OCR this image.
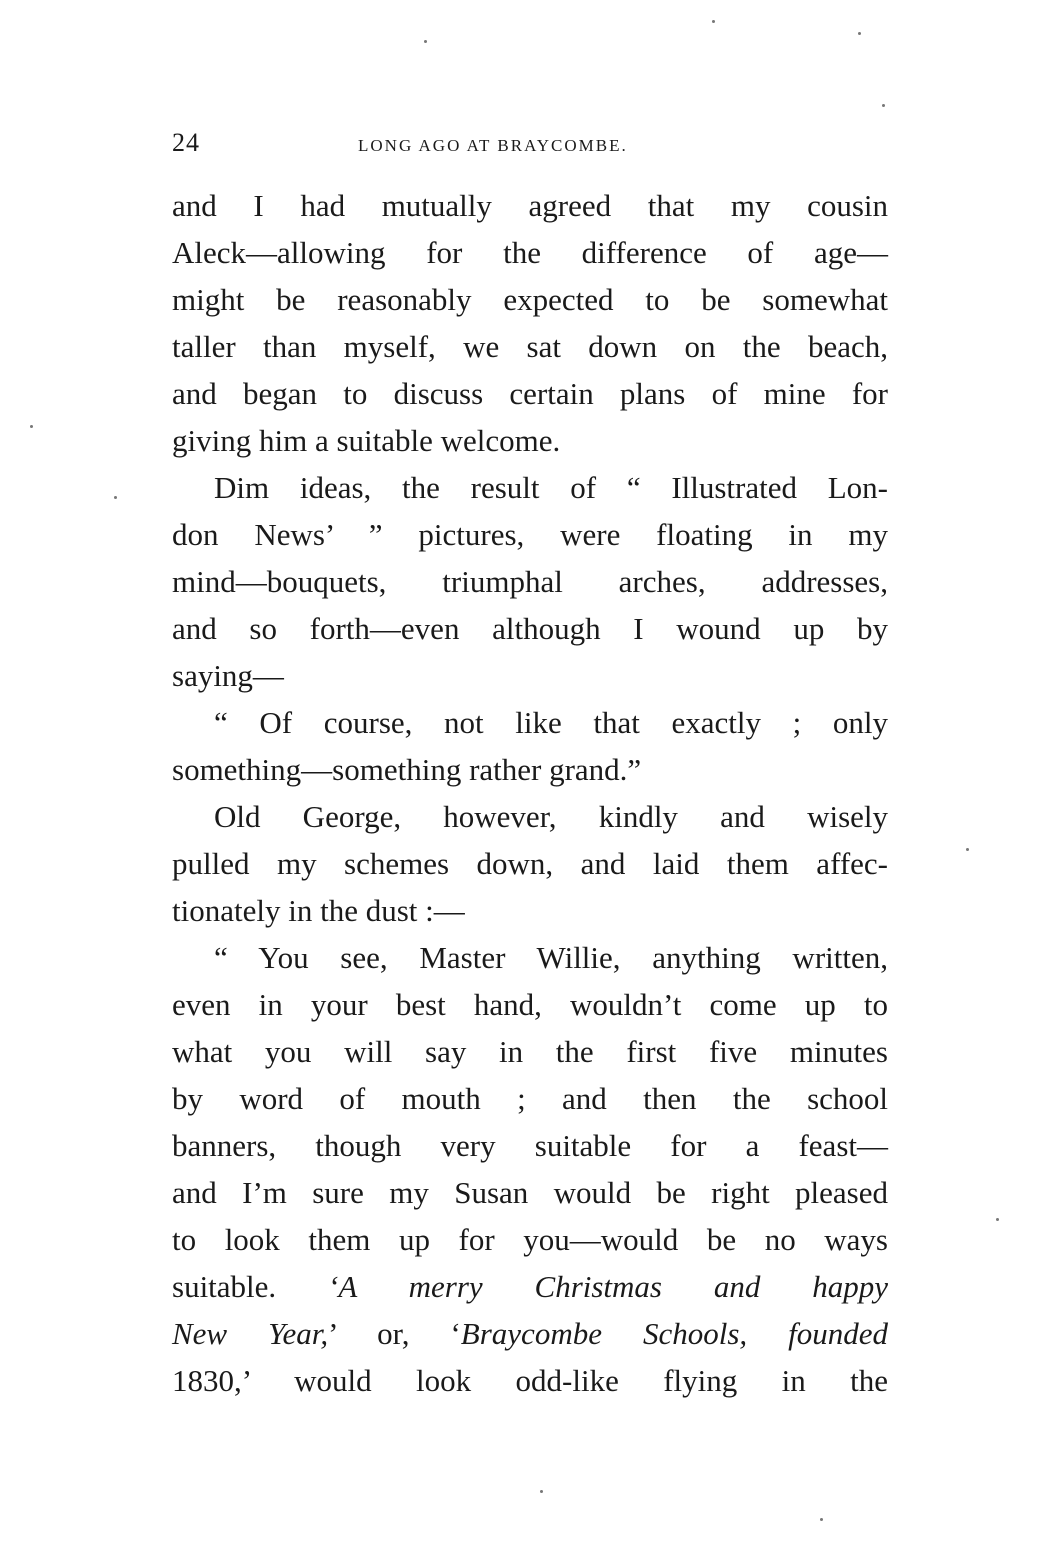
24	LONG AGO AT BRAYCOMBE.
and I had mutually agreed that my cousin
Aleck—allowing for the difference of age—
might be reasonably expected to be somewhat
taller than myself, we sat down on the beach,
and began to discuss certain plans of mine for
giving him a suitable welcome.
Dim ideas, the result of “ Illustrated Lon-
don News’ ” pictures, were floating in my
mind—bouquets, triumphal arches, addresses,
and so forth—even although I wound up by
saying—
“ Of course, not like that exactly ; only
something—something rather grand.”
Old George, however, kindly and wisely
pulled my schemes down, and laid them affec-
tionately in the dust :—
“ You see, Master Willie, anything written,
even in your best hand, wouldn’t come up to
what you will say in the first five minutes
by word of mouth ; and then the school
banners, though very suitable for a feast—
and I’m sure my Susan would be right pleased
to look them up for you—would be no ways
suitable. ‘A merry Christmas and happy
New Year,’ or, ‘Braycombe Schools, founded
1830,’ would look odd-like flying in the
